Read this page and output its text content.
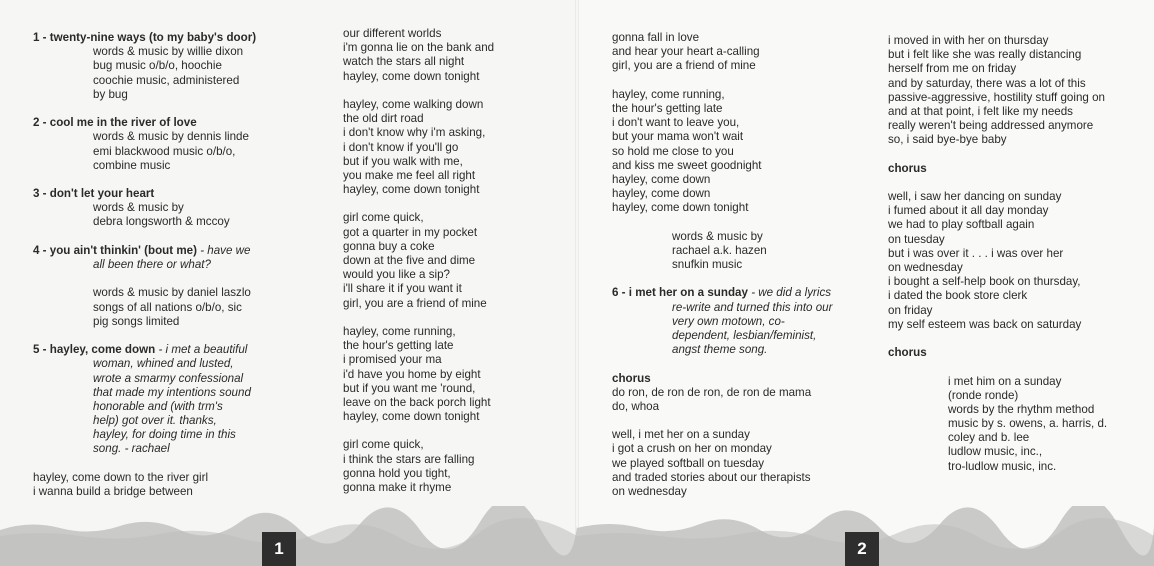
1 - twenty-nine ways (to my baby's door)
words & music by willie dixon
bug music o/b/o, hoochie
coochie music, administered
by bug
2 - cool me in the river of love
words & music by dennis linde
emi blackwood music o/b/o,
combine music
3 - don't let your heart
words & music by
debra longsworth & mccoy
4 - you ain't thinkin' (bout me) - have we
all been there or what?
words & music by daniel laszlo
songs of all nations o/b/o, sic
pig songs limited
5 - hayley, come down - i met a beautiful
woman, whined and lusted,
wrote a smarmy confessional
that made my intentions sound
honorable and (with trm's
help) got over it. thanks,
hayley, for doing time in this
song. - rachael
hayley, come down to the river girl
i wanna build a bridge between
our different worlds
i'm gonna lie on the bank and
watch the stars all night
hayley, come down tonight
hayley, come walking down
the old dirt road
i don't know why i'm asking,
i don't know if you'll go
but if you walk with me,
you make me feel all right
hayley, come down tonight
girl come quick,
got a quarter in my pocket
gonna buy a coke
down at the five and dime
would you like a sip?
i'll share it if you want it
girl, you are a friend of mine
hayley, come running,
the hour's getting late
i promised your ma
i'd have you home by eight
but if you want me 'round,
leave on the back porch light
hayley, come down tonight
girl come quick,
i think the stars are falling
gonna hold you tight,
gonna make it rhyme
gonna fall in love
and hear your heart a-calling
girl, you are a friend of mine
hayley, come running,
the hour's getting late
i don't want to leave you,
but your mama won't wait
so hold me close to you
and kiss me sweet goodnight
hayley, come down
hayley, come down
hayley, come down tonight
words & music by
rachael a.k. hazen
snufkin music
6 - i met her on a sunday - we did a lyrics
re-write and turned this into our
very own motown, co-
dependent, lesbian/feminist,
angst theme song.
chorus
do ron, de ron de ron, de ron de mama
do, whoa
well, i met her on a sunday
i got a crush on her on monday
we played softball on tuesday
and traded stories about our therapists
on wednesday
i moved in with her on thursday
but i felt like she was really distancing
herself from me on friday
and by saturday, there was a lot of this
passive-aggressive, hostility stuff going on
and at that point, i felt like my needs
really weren't being addressed anymore
so, i said bye-bye baby
chorus
well, i saw her dancing on sunday
i fumed about it all day monday
we had to play softball again
on tuesday
but i was over it . . . i was over her
on wednesday
i bought a self-help book on thursday,
i dated the book store clerk
on friday
my self esteem was back on saturday
chorus
i met him on a sunday
(ronde ronde)
words by the rhythm method
music by s. owens, a. harris, d.
coley and b. lee
ludlow music, inc.,
tro-ludlow music, inc.
1	2
